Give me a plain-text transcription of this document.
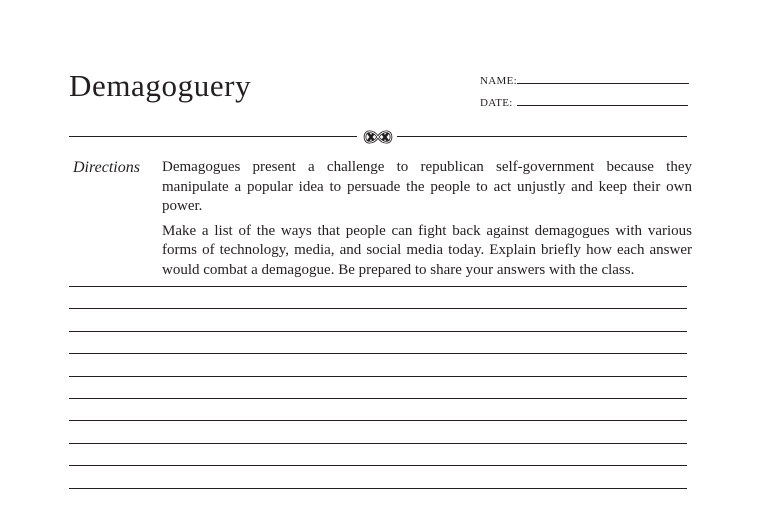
Demagoguery	NAME:
DATE:
Directions Demagogues present a challenge to republican self-government because they manipulate a popular idea to persuade the people to act unjustly and keep their own power.

Make a list of the ways that people can fight back against demagogues with various forms of technology, media, and social media today. Explain briefly how each answer would combat a demagogue. Be prepared to share your answers with the class.
